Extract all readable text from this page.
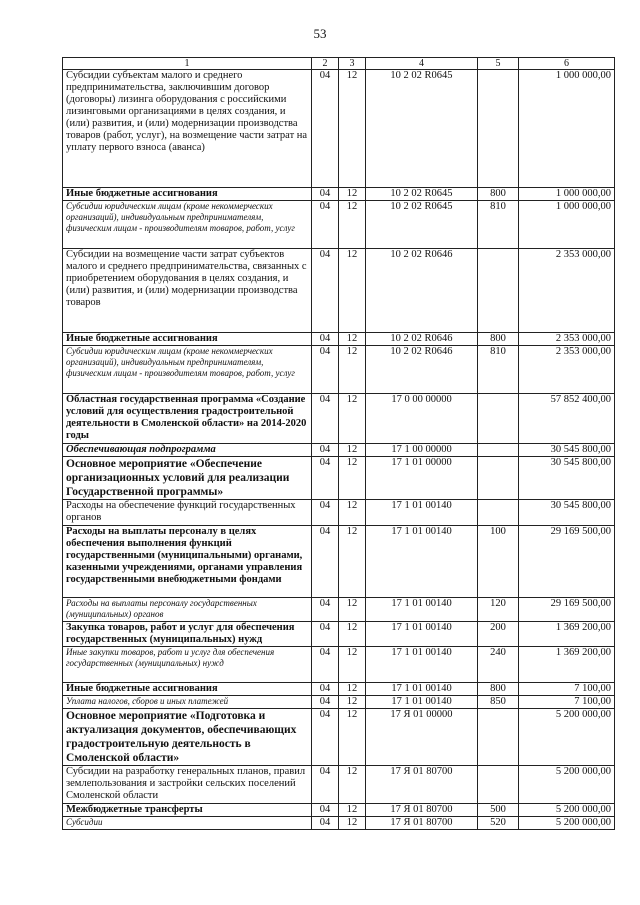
53
1	2	3	4	5	6
Субсидии субъектам малого и среднего предпринимательства, заключившим договор (договоры) лизинга оборудования с российскими лизинговыми организациями в целях создания, и (или) развития, и (или) модернизации производства товаров (работ, услуг), на возмещение части затрат на уплату первого взноса (аванса)	04	12	10 2 02 R0645		1 000 000,00
Иные бюджетные ассигнования	04	12	10 2 02 R0645	800	1 000 000,00
Субсидии юридическим лицам (кроме некоммерческих организаций), индивидуальным предпринимателям, физическим лицам - производителям товаров, работ, услуг	04	12	10 2 02 R0645	810	1 000 000,00
Субсидии на возмещение части затрат субъектов малого и среднего предпринимательства, связанных с приобретением оборудования в целях создания, и (или) развития, и (или) модернизации производства товаров	04	12	10 2 02 R0646		2 353 000,00
Иные бюджетные ассигнования	04	12	10 2 02 R0646	800	2 353 000,00
Субсидии юридическим лицам (кроме некоммерческих организаций), индивидуальным предпринимателям, физическим лицам - производителям товаров, работ, услуг	04	12	10 2 02 R0646	810	2 353 000,00
Областная государственная программа «Создание условий для осуществления градостроительной деятельности в Смоленской области» на 2014-2020 годы	04	12	17 0 00 00000		57 852 400,00
Обеспечивающая подпрограмма	04	12	17 1 00 00000		30 545 800,00
Основное мероприятие «Обеспечение организационных условий для реализации Государственной программы»	04	12	17 1 01 00000		30 545 800,00
Расходы на обеспечение функций государственных органов	04	12	17 1 01 00140		30 545 800,00
Расходы на выплаты персоналу в целях обеспечения выполнения функций государственными (муниципальными) органами, казенными учреждениями, органами управления государственными внебюджетными фондами	04	12	17 1 01 00140	100	29 169 500,00
Расходы на выплаты персоналу государственных (муниципальных) органов	04	12	17 1 01 00140	120	29 169 500,00
Закупка товаров, работ и услуг для обеспечения государственных (муниципальных) нужд	04	12	17 1 01 00140	200	1 369 200,00
Иные закупки товаров, работ и услуг для обеспечения государственных (муниципальных) нужд	04	12	17 1 01 00140	240	1 369 200,00
Иные бюджетные ассигнования	04	12	17 1 01 00140	800	7 100,00
Уплата налогов, сборов и иных платежей	04	12	17 1 01 00140	850	7 100,00
Основное мероприятие «Подготовка и актуализация документов, обеспечивающих градостроительную деятельность в Смоленской области»	04	12	17 Я 01 00000		5 200 000,00
Субсидии на разработку генеральных планов, правил землепользования и застройки сельских поселений Смоленской области	04	12	17 Я 01 80700		5 200 000,00
Межбюджетные трансферты	04	12	17 Я 01 80700	500	5 200 000,00
Субсидии	04	12	17 Я 01 80700	520	5 200 000,00
